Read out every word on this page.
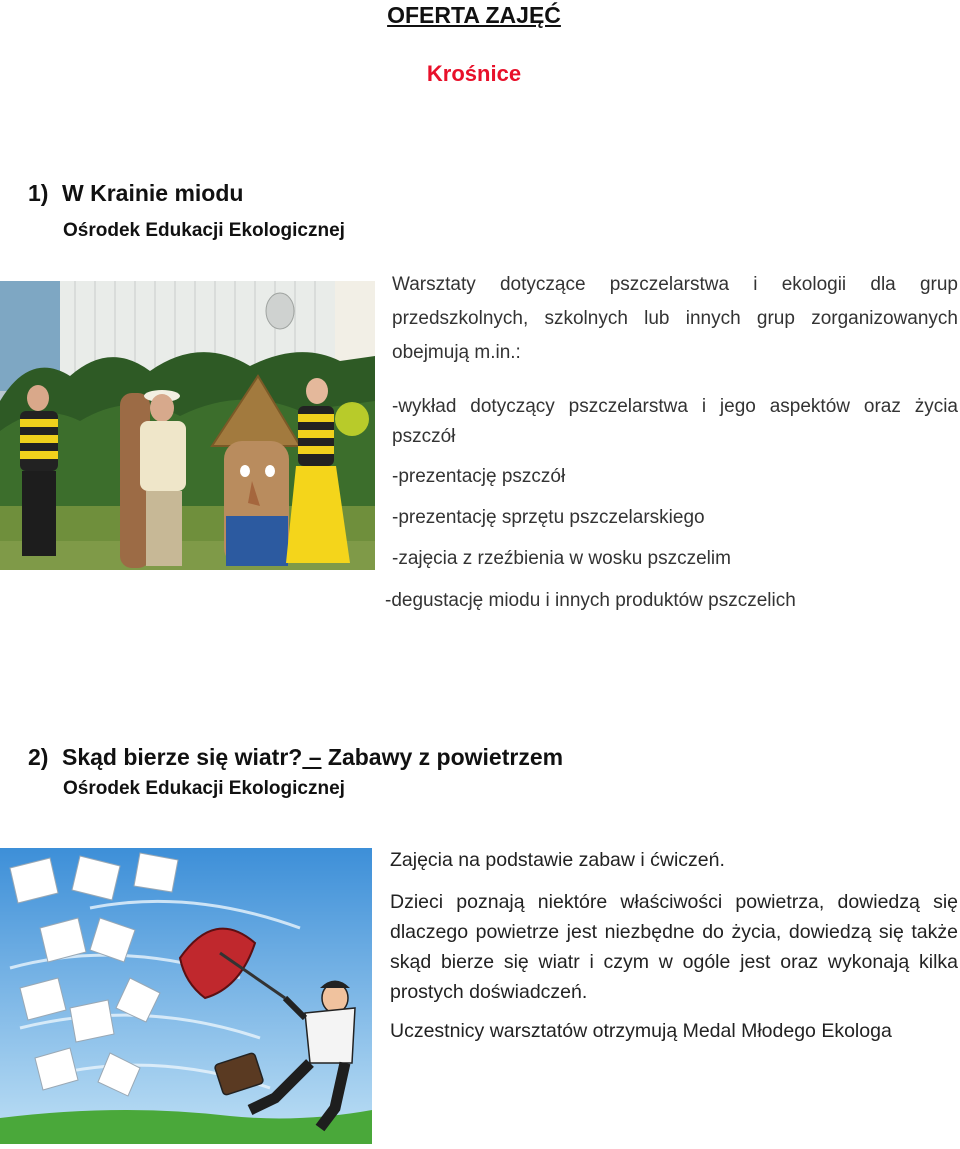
OFERTA ZAJĘĆ
Krośnice
1) W Krainie miodu
Ośrodek Edukacji Ekologicznej
Warsztaty dotyczące pszczelarstwa i ekologii dla grup przedszkolnych, szkolnych lub innych grup zorganizowanych obejmują m.in.:
-wykład dotyczący pszczelarstwa i jego aspektów oraz życia pszczół
-prezentację pszczół
-prezentację sprzętu pszczelarskiego
-zajęcia z rzeźbienia w wosku pszczelim
-degustację miodu i innych produktów pszczelich
2) Skąd bierze się wiatr? – Zabawy z powietrzem
Ośrodek Edukacji Ekologicznej
Zajęcia na podstawie zabaw i ćwiczeń.
Dzieci poznają niektóre właściwości powietrza, dowiedzą się dlaczego powietrze jest niezbędne do życia, dowiedzą się także skąd bierze się wiatr i czym w ogóle jest oraz wykonają kilka prostych doświadczeń.
Uczestnicy warsztatów otrzymują Medal Młodego Ekologa
